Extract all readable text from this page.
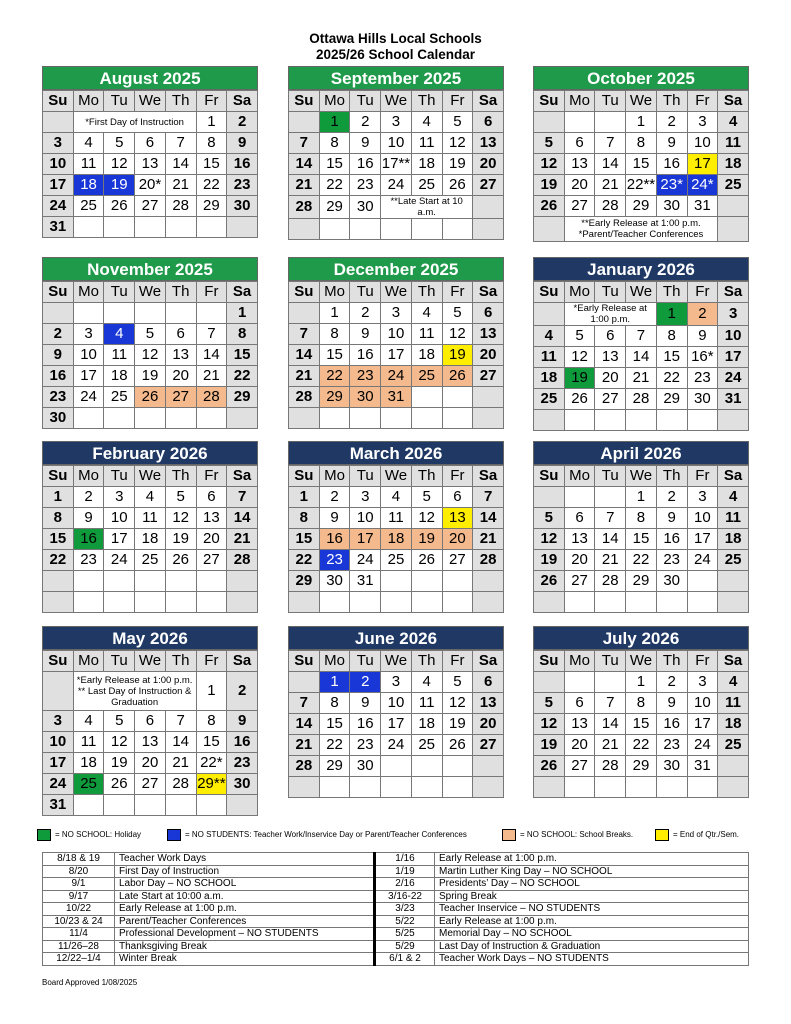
Ottawa Hills Local Schools
2025/26 School Calendar
August 2025
Su	Mo	Tu	We	Th	Fr	Sa
	*First Day of Instruction				1	2
3	4	5	6	7	8	9
10	11	12	13	14	15	16
17	18	19	20*	21	22	23
24	25	26	27	28	29	30
31						
September 2025
Su	Mo	Tu	We	Th	Fr	Sa
	1	2	3	4	5	6
7	8	9	10	11	12	13
14	15	16	17**	18	19	20
21	22	23	24	25	26	27
28	29	30	**Late Start at 10 a.m.			

October 2025
Su	Mo	Tu	We	Th	Fr	Sa
			1	2	3	4
5	6	7	8	9	10	11
12	13	14	15	16	17	18
19	20	21	22**	23*	24*	25
26	27	28	29	30	31	
	**Early Release at 1:00 p.m.
*Parent/Teacher Conferences					
November 2025
Su	Mo	Tu	We	Th	Fr	Sa
						1
2	3	4	5	6	7	8
9	10	11	12	13	14	15
16	17	18	19	20	21	22
23	24	25	26	27	28	29
30						
December 2025
Su	Mo	Tu	We	Th	Fr	Sa
	1	2	3	4	5	6
7	8	9	10	11	12	13
14	15	16	17	18	19	20
21	22	23	24	25	26	27
28	29	30	31			

January 2026
Su	Mo	Tu	We	Th	Fr	Sa
	*Early Release at 1:00 p.m.			1	2	3
4	5	6	7	8	9	10
11	12	13	14	15	16*	17
18	19	20	21	22	23	24
25	26	27	28	29	30	31

February 2026
Su	Mo	Tu	We	Th	Fr	Sa
1	2	3	4	5	6	7
8	9	10	11	12	13	14
15	16	17	18	19	20	21
22	23	24	25	26	27	28

March 2026
Su	Mo	Tu	We	Th	Fr	Sa
1	2	3	4	5	6	7
8	9	10	11	12	13	14
15	16	17	18	19	20	21
22	23	24	25	26	27	28
29	30	31				

April 2026
Su	Mo	Tu	We	Th	Fr	Sa
			1	2	3	4
5	6	7	8	9	10	11
12	13	14	15	16	17	18
19	20	21	22	23	24	25
26	27	28	29	30		

May 2026
Su	Mo	Tu	We	Th	Fr	Sa
	*Early Release at 1:00 p.m.
** Last Day of Instruction &
Graduation				1	2
3	4	5	6	7	8	9
10	11	12	13	14	15	16
17	18	19	20	21	22*	23
24	25	26	27	28	29**	30
31						
June 2026
Su	Mo	Tu	We	Th	Fr	Sa
	1	2	3	4	5	6
7	8	9	10	11	12	13
14	15	16	17	18	19	20
21	22	23	24	25	26	27
28	29	30				

July 2026
Su	Mo	Tu	We	Th	Fr	Sa
			1	2	3	4
5	6	7	8	9	10	11
12	13	14	15	16	17	18
19	20	21	22	23	24	25
26	27	28	29	30	31	

= NO SCHOOL: Holiday	= NO STUDENTS: Teacher Work/Inservice Day or Parent/Teacher Conferences	= NO SCHOOL: School Breaks.	= End of Qtr./Sem.
8/18 & 19	Teacher Work Days	1/16	Early Release at 1:00 p.m.
8/20	First Day of Instruction	1/19	Martin Luther King Day – NO SCHOOL
9/1	Labor Day – NO SCHOOL	2/16	Presidents’ Day – NO SCHOOL
9/17	Late Start at 10:00 a.m.	3/16-22	Spring Break
10/22	Early Release at 1:00 p.m.	3/23	Teacher Inservice – NO STUDENTS
10/23 & 24	Parent/Teacher Conferences	5/22	Early Release at 1:00 p.m.
11/4	Professional Development – NO STUDENTS	5/25	Memorial Day – NO SCHOOL
11/26–28	Thanksgiving Break	5/29	Last Day of Instruction & Graduation
12/22–1/4	Winter Break	6/1 & 2	Teacher Work Days – NO STUDENTS
Board Approved 1/08/2025
